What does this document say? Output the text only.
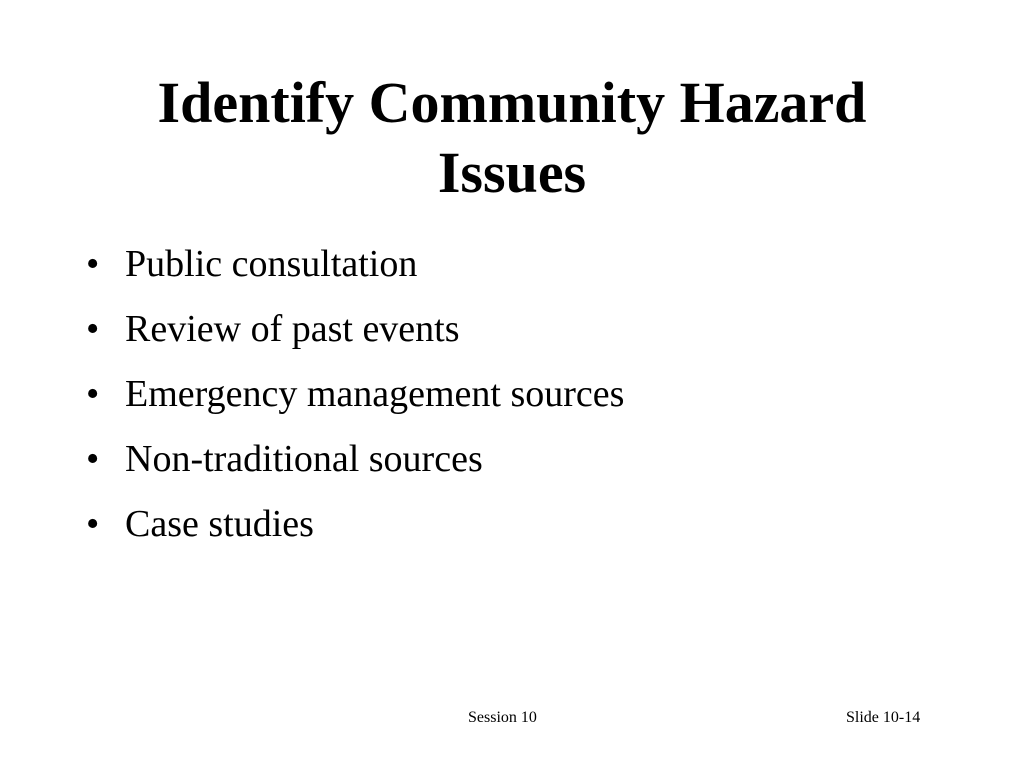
Identify Community Hazard
Issues
• Public consultation
• Review of past events
• Emergency management sources
• Non-traditional sources
• Case studies
Session 10	Slide 10-14
